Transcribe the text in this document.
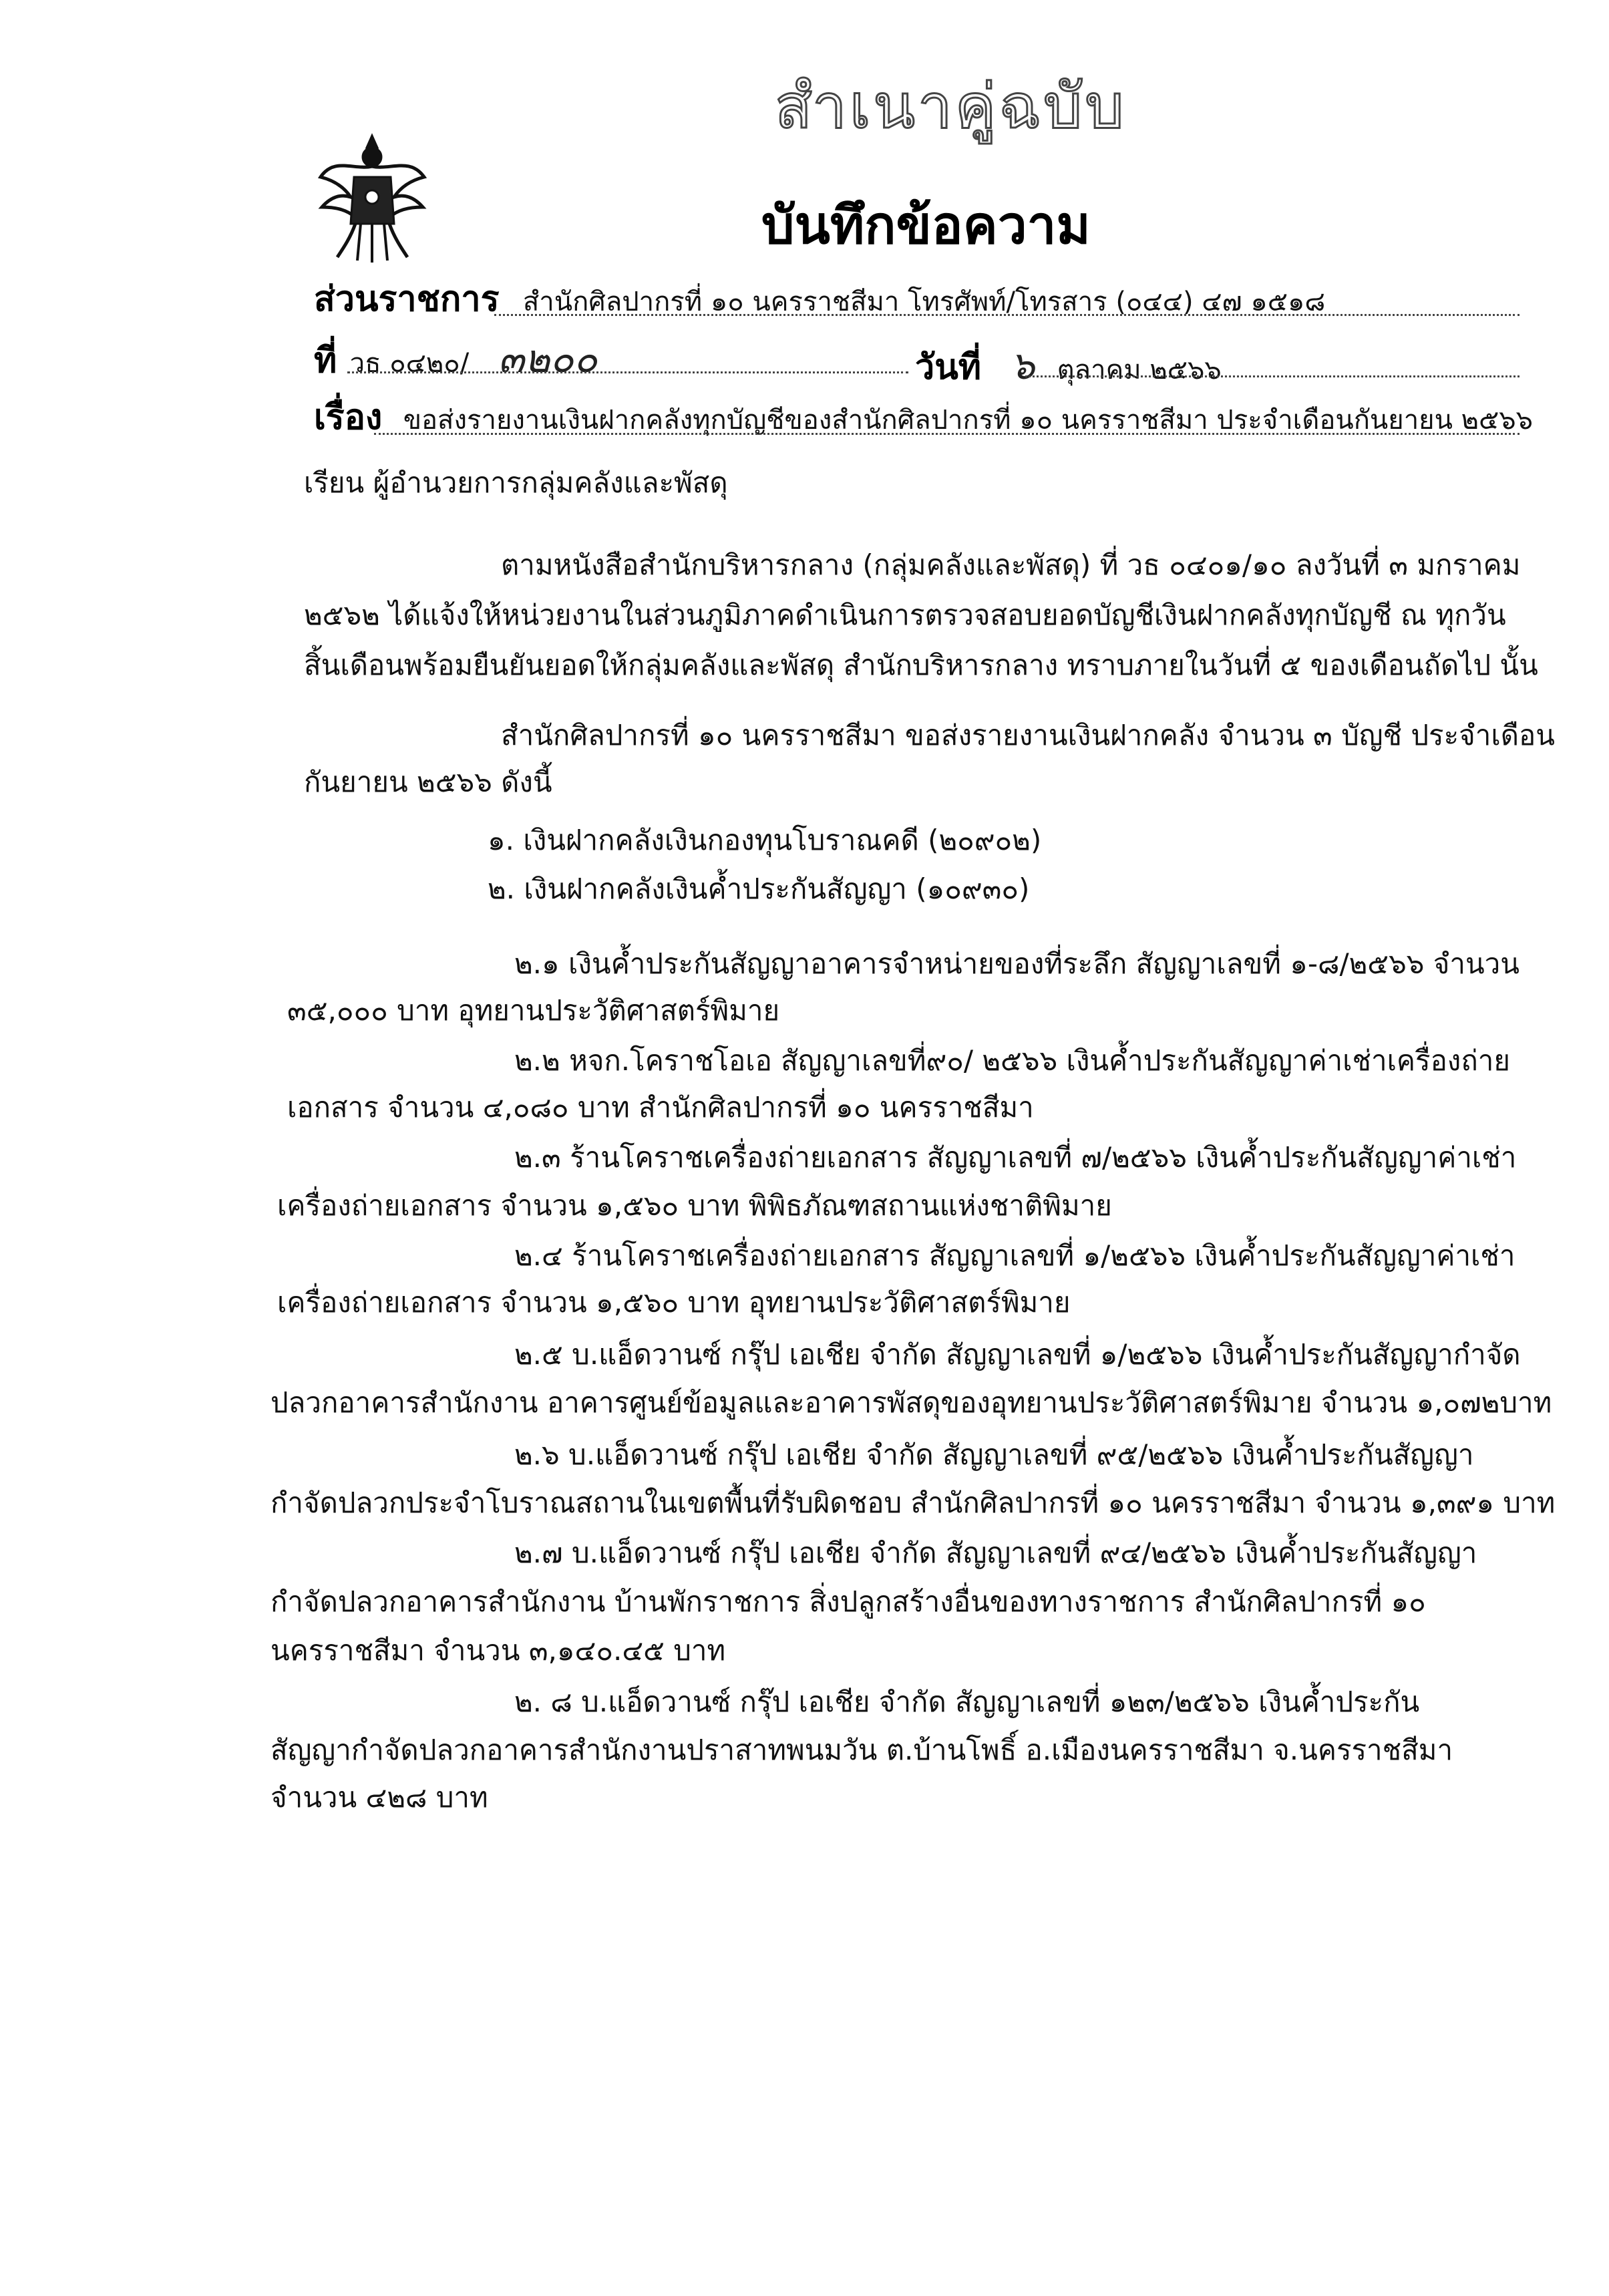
สำเนาคู่ฉบับ
บันทึกข้อความ
ส่วนราชการ สำนักศิลปากรที่ ๑๐ นครราชสีมา โทรศัพท์/โทรสาร (๐๔๔) ๔๗ ๑๕๑๘
ที่ วธ ๐๔๒๐/ ๓๒๐๐	วันที่ ๖ ตุลาคม ๒๕๖๖
เรื่อง ขอส่งรายงานเงินฝากคลังทุกบัญชีของสำนักศิลปากรที่ ๑๐ นครราชสีมา ประจำเดือนกันยายน ๒๕๖๖
เรียน ผู้อำนวยการกลุ่มคลังและพัสดุ
ตามหนังสือสำนักบริหารกลาง (กลุ่มคลังและพัสดุ) ที่ วธ ๐๔๐๑/๑๐ ลงวันที่ ๓ มกราคม
๒๕๖๒ ได้แจ้งให้หน่วยงานในส่วนภูมิภาคดำเนินการตรวจสอบยอดบัญชีเงินฝากคลังทุกบัญชี ณ ทุกวัน
สิ้นเดือนพร้อมยืนยันยอดให้กลุ่มคลังและพัสดุ สำนักบริหารกลาง ทราบภายในวันที่ ๕ ของเดือนถัดไป นั้น
สำนักศิลปากรที่ ๑๐ นครราชสีมา ขอส่งรายงานเงินฝากคลัง จำนวน ๓ บัญชี ประจำเดือน
กันยายน ๒๕๖๖ ดังนี้
๑. เงินฝากคลังเงินกองทุนโบราณคดี (๒๐๙๐๒)
๒. เงินฝากคลังเงินค้ำประกันสัญญา (๑๐๙๓๐)
๒.๑ เงินค้ำประกันสัญญาอาคารจำหน่ายของที่ระลึก สัญญาเลขที่ ๑-๘/๒๕๖๖ จำนวน
๓๕,๐๐๐ บาท อุทยานประวัติศาสตร์พิมาย
๒.๒ หจก.โคราชโอเอ สัญญาเลขที่๙๐/ ๒๕๖๖ เงินค้ำประกันสัญญาค่าเช่าเครื่องถ่าย
เอกสาร จำนวน ๔,๐๘๐ บาท สำนักศิลปากรที่ ๑๐ นครราชสีมา
๒.๓ ร้านโคราชเครื่องถ่ายเอกสาร สัญญาเลขที่ ๗/๒๕๖๖ เงินค้ำประกันสัญญาค่าเช่า
เครื่องถ่ายเอกสาร จำนวน ๑,๕๖๐ บาท พิพิธภัณฑสถานแห่งชาติพิมาย
๒.๔ ร้านโคราชเครื่องถ่ายเอกสาร สัญญาเลขที่ ๑/๒๕๖๖ เงินค้ำประกันสัญญาค่าเช่า
เครื่องถ่ายเอกสาร จำนวน ๑,๕๖๐ บาท อุทยานประวัติศาสตร์พิมาย
๒.๕ บ.แอ็ดวานซ์ กรุ๊ป เอเชีย จำกัด สัญญาเลขที่ ๑/๒๕๖๖ เงินค้ำประกันสัญญากำจัด
ปลวกอาคารสำนักงาน อาคารศูนย์ข้อมูลและอาคารพัสดุของอุทยานประวัติศาสตร์พิมาย จำนวน ๑,๐๗๒บาท
๒.๖ บ.แอ็ดวานซ์ กรุ๊ป เอเชีย จำกัด สัญญาเลขที่ ๙๕/๒๕๖๖ เงินค้ำประกันสัญญา
กำจัดปลวกประจำโบราณสถานในเขตพื้นที่รับผิดชอบ สำนักศิลปากรที่ ๑๐ นครราชสีมา จำนวน ๑,๓๙๑ บาท
๒.๗ บ.แอ็ดวานซ์ กรุ๊ป เอเชีย จำกัด สัญญาเลขที่ ๙๔/๒๕๖๖ เงินค้ำประกันสัญญา
กำจัดปลวกอาคารสำนักงาน บ้านพักราชการ สิ่งปลูกสร้างอื่นของทางราชการ สำนักศิลปากรที่ ๑๐
นครราชสีมา จำนวน ๓,๑๔๐.๔๕ บาท
๒. ๘ บ.แอ็ดวานซ์ กรุ๊ป เอเชีย จำกัด สัญญาเลขที่ ๑๒๓/๒๕๖๖ เงินค้ำประกัน
สัญญากำจัดปลวกอาคารสำนักงานปราสาทพนมวัน ต.บ้านโพธิ์ อ.เมืองนครราชสีมา จ.นครราชสีมา
จำนวน ๔๒๘ บาท
